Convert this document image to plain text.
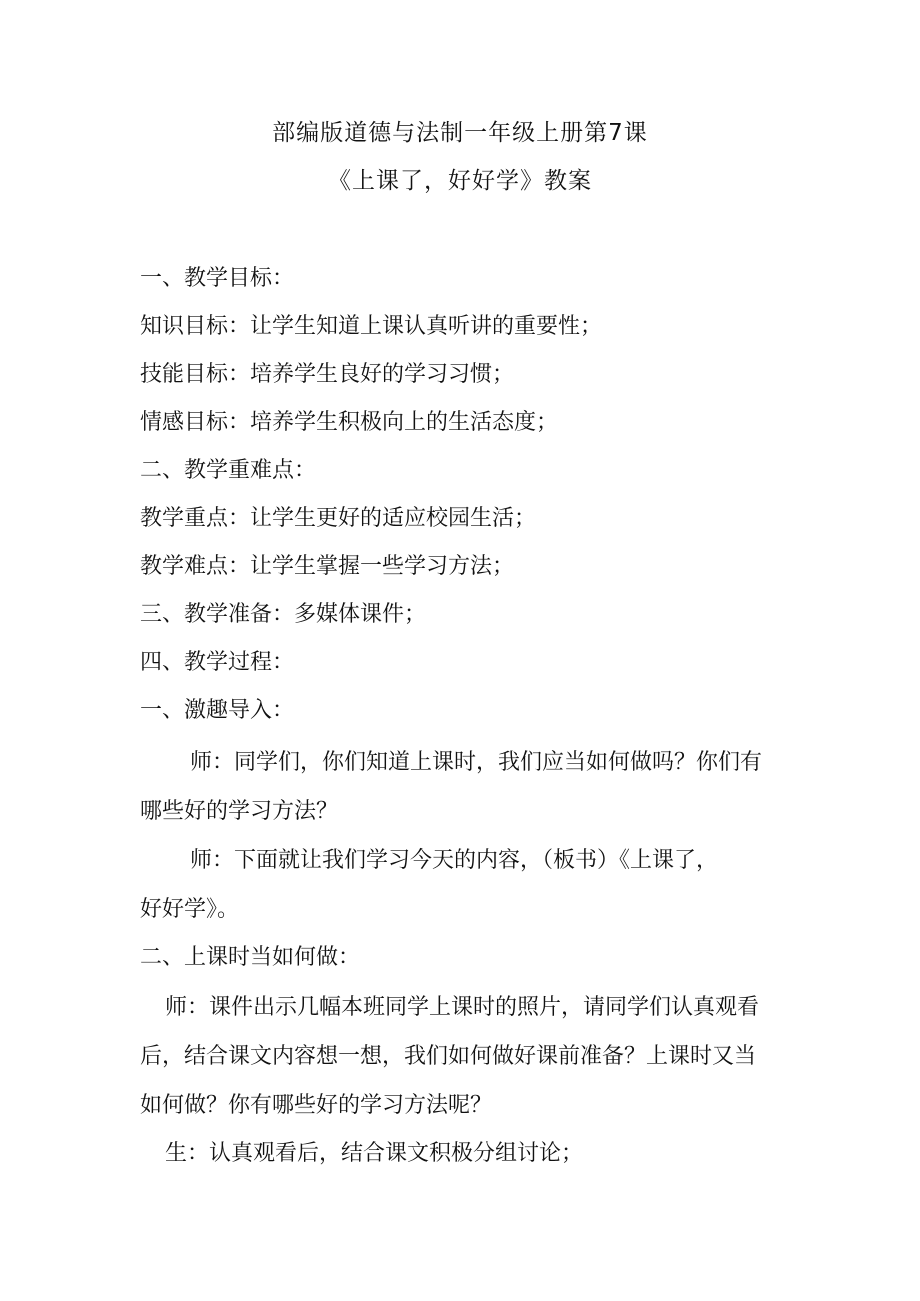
部编版道德与法制一年级上册第7课
《上课了，好好学》教案
一、教学目标：
知识目标：让学生知道上课认真听讲的重要性；
技能目标：培养学生良好的学习习惯；
情感目标：培养学生积极向上的生活态度；
二、教学重难点：
教学重点：让学生更好的适应校园生活；
教学难点：让学生掌握一些学习方法；
三、教学准备：多媒体课件；
四、教学过程：
一、激趣导入：
师：同学们，你们知道上课时，我们应当如何做吗？你们有
哪些好的学习方法？
师：下面就让我们学习今天的内容，（板书）《上课了，
好好学》。
二、上课时当如何做：
师：课件出示几幅本班同学上课时的照片，请同学们认真观看
后，结合课文内容想一想，我们如何做好课前准备？上课时又当
如何做？你有哪些好的学习方法呢？
生：认真观看后，结合课文积极分组讨论；
